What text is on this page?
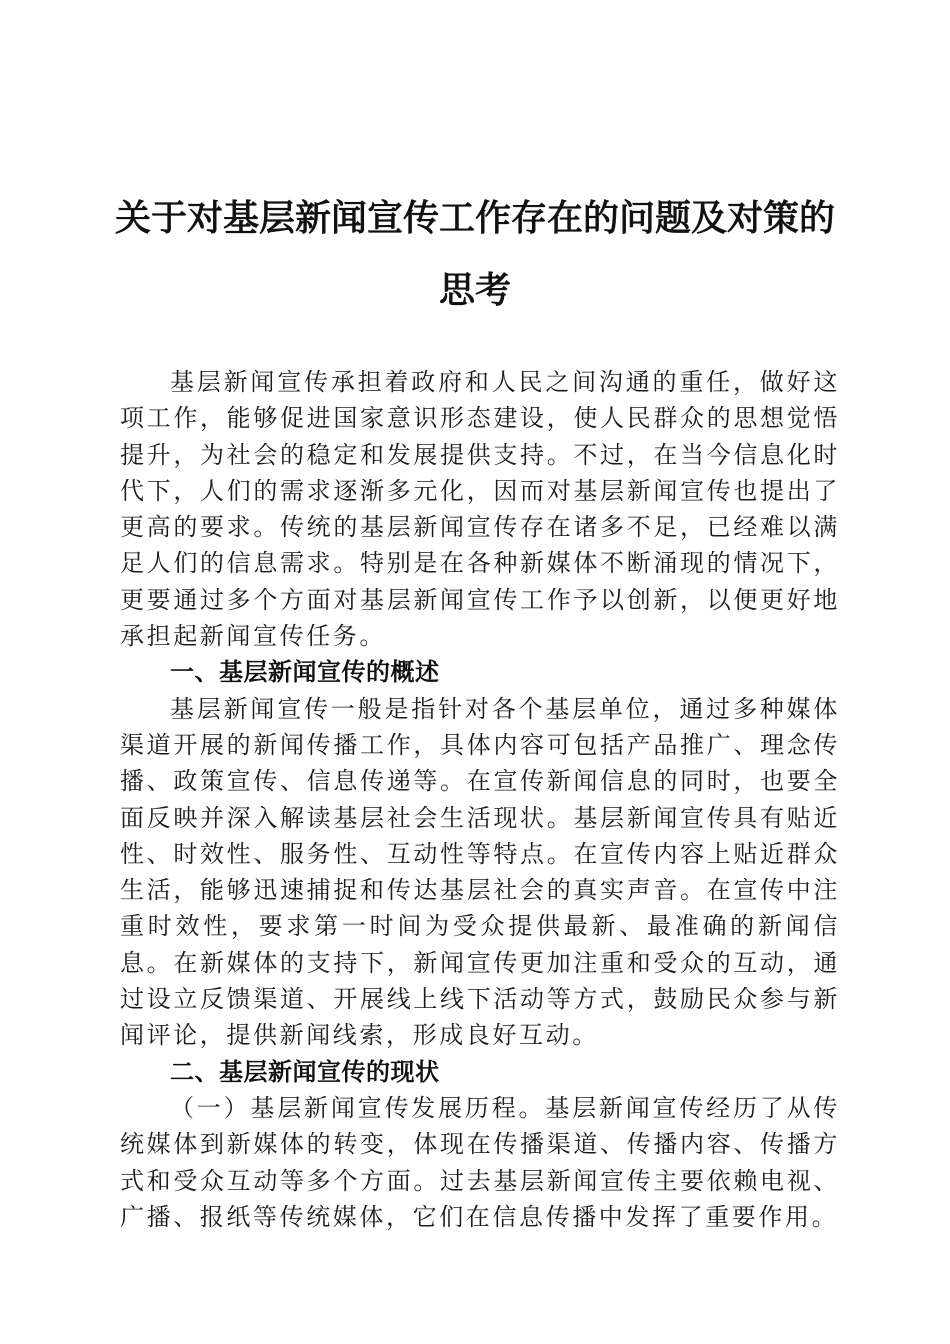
关于对基层新闻宣传工作存在的问题及对策的
思考

基层新闻宣传承担着政府和人民之间沟通的重任，做好这项工作，能够促进国家意识形态建设，使人民群众的思想觉悟提升，为社会的稳定和发展提供支持。不过，在当今信息化时代下，人们的需求逐渐多元化，因而对基层新闻宣传也提出了更高的要求。传统的基层新闻宣传存在诸多不足，已经难以满足人们的信息需求。特别是在各种新媒体不断涌现的情况下，更要通过多个方面对基层新闻宣传工作予以创新，以便更好地承担起新闻宣传任务。

一、基层新闻宣传的概述

基层新闻宣传一般是指针对各个基层单位，通过多种媒体渠道开展的新闻传播工作，具体内容可包括产品推广、理念传播、政策宣传、信息传递等。在宣传新闻信息的同时，也要全面反映并深入解读基层社会生活现状。基层新闻宣传具有贴近性、时效性、服务性、互动性等特点。在宣传内容上贴近群众生活，能够迅速捕捉和传达基层社会的真实声音。在宣传中注重时效性，要求第一时间为受众提供最新、最准确的新闻信息。在新媒体的支持下，新闻宣传更加注重和受众的互动，通过设立反馈渠道、开展线上线下活动等方式，鼓励民众参与新闻评论，提供新闻线索，形成良好互动。

二、基层新闻宣传的现状

（一）基层新闻宣传发展历程。基层新闻宣传经历了从传统媒体到新媒体的转变，体现在传播渠道、传播内容、传播方式和受众互动等多个方面。过去基层新闻宣传主要依赖电视、广播、报纸等传统媒体，它们在信息传播中发挥了重要作用。
